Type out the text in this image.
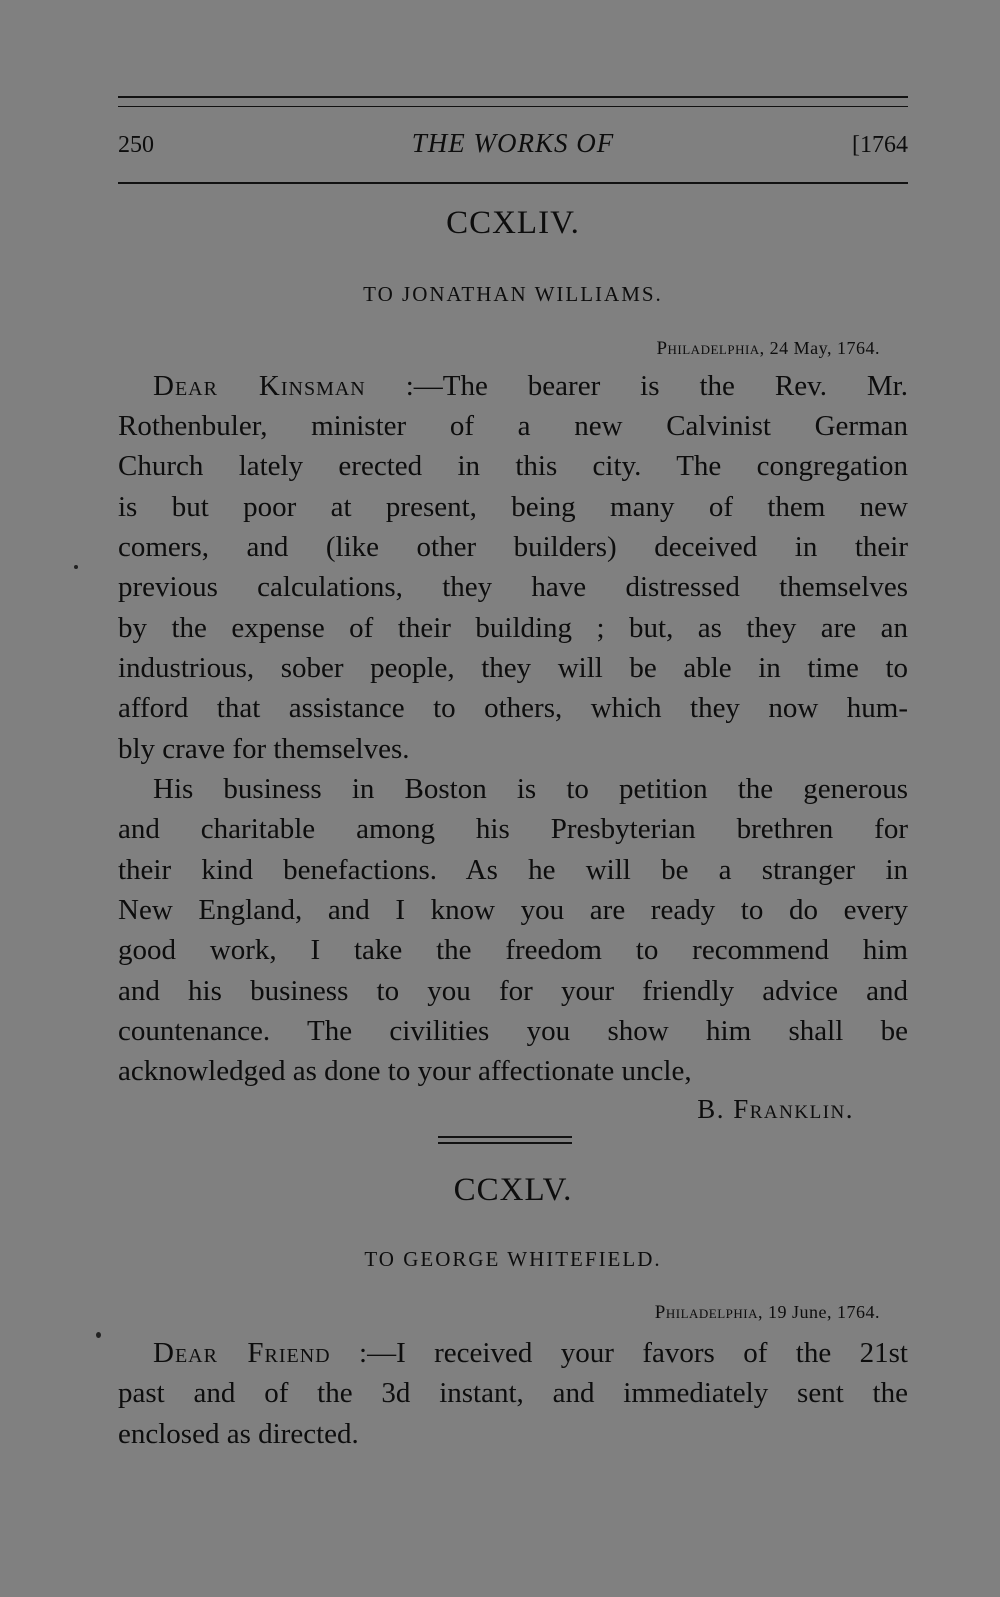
250	THE WORKS OF	[1764
CCXLIV.
TO JONATHAN WILLIAMS.
Philadelphia, 24 May, 1764.
Dear Kinsman :—The bearer is the Rev. Mr.
Rothenbuler, minister of a new Calvinist German
Church lately erected in this city. The congregation
is but poor at present, being many of them new
comers, and (like other builders) deceived in their
previous calculations, they have distressed themselves
by the expense of their building ; but, as they are an
industrious, sober people, they will be able in time to
afford that assistance to others, which they now hum-
bly crave for themselves.
His business in Boston is to petition the generous
and charitable among his Presbyterian brethren for
their kind benefactions. As he will be a stranger in
New England, and I know you are ready to do every
good work, I take the freedom to recommend him
and his business to you for your friendly advice and
countenance. The civilities you show him shall be
acknowledged as done to your affectionate uncle,
B. Franklin.
CCXLV.
TO GEORGE WHITEFIELD.
Philadelphia, 19 June, 1764.
Dear Friend :—I received your favors of the 21st
past and of the 3d instant, and immediately sent the
enclosed as directed.
